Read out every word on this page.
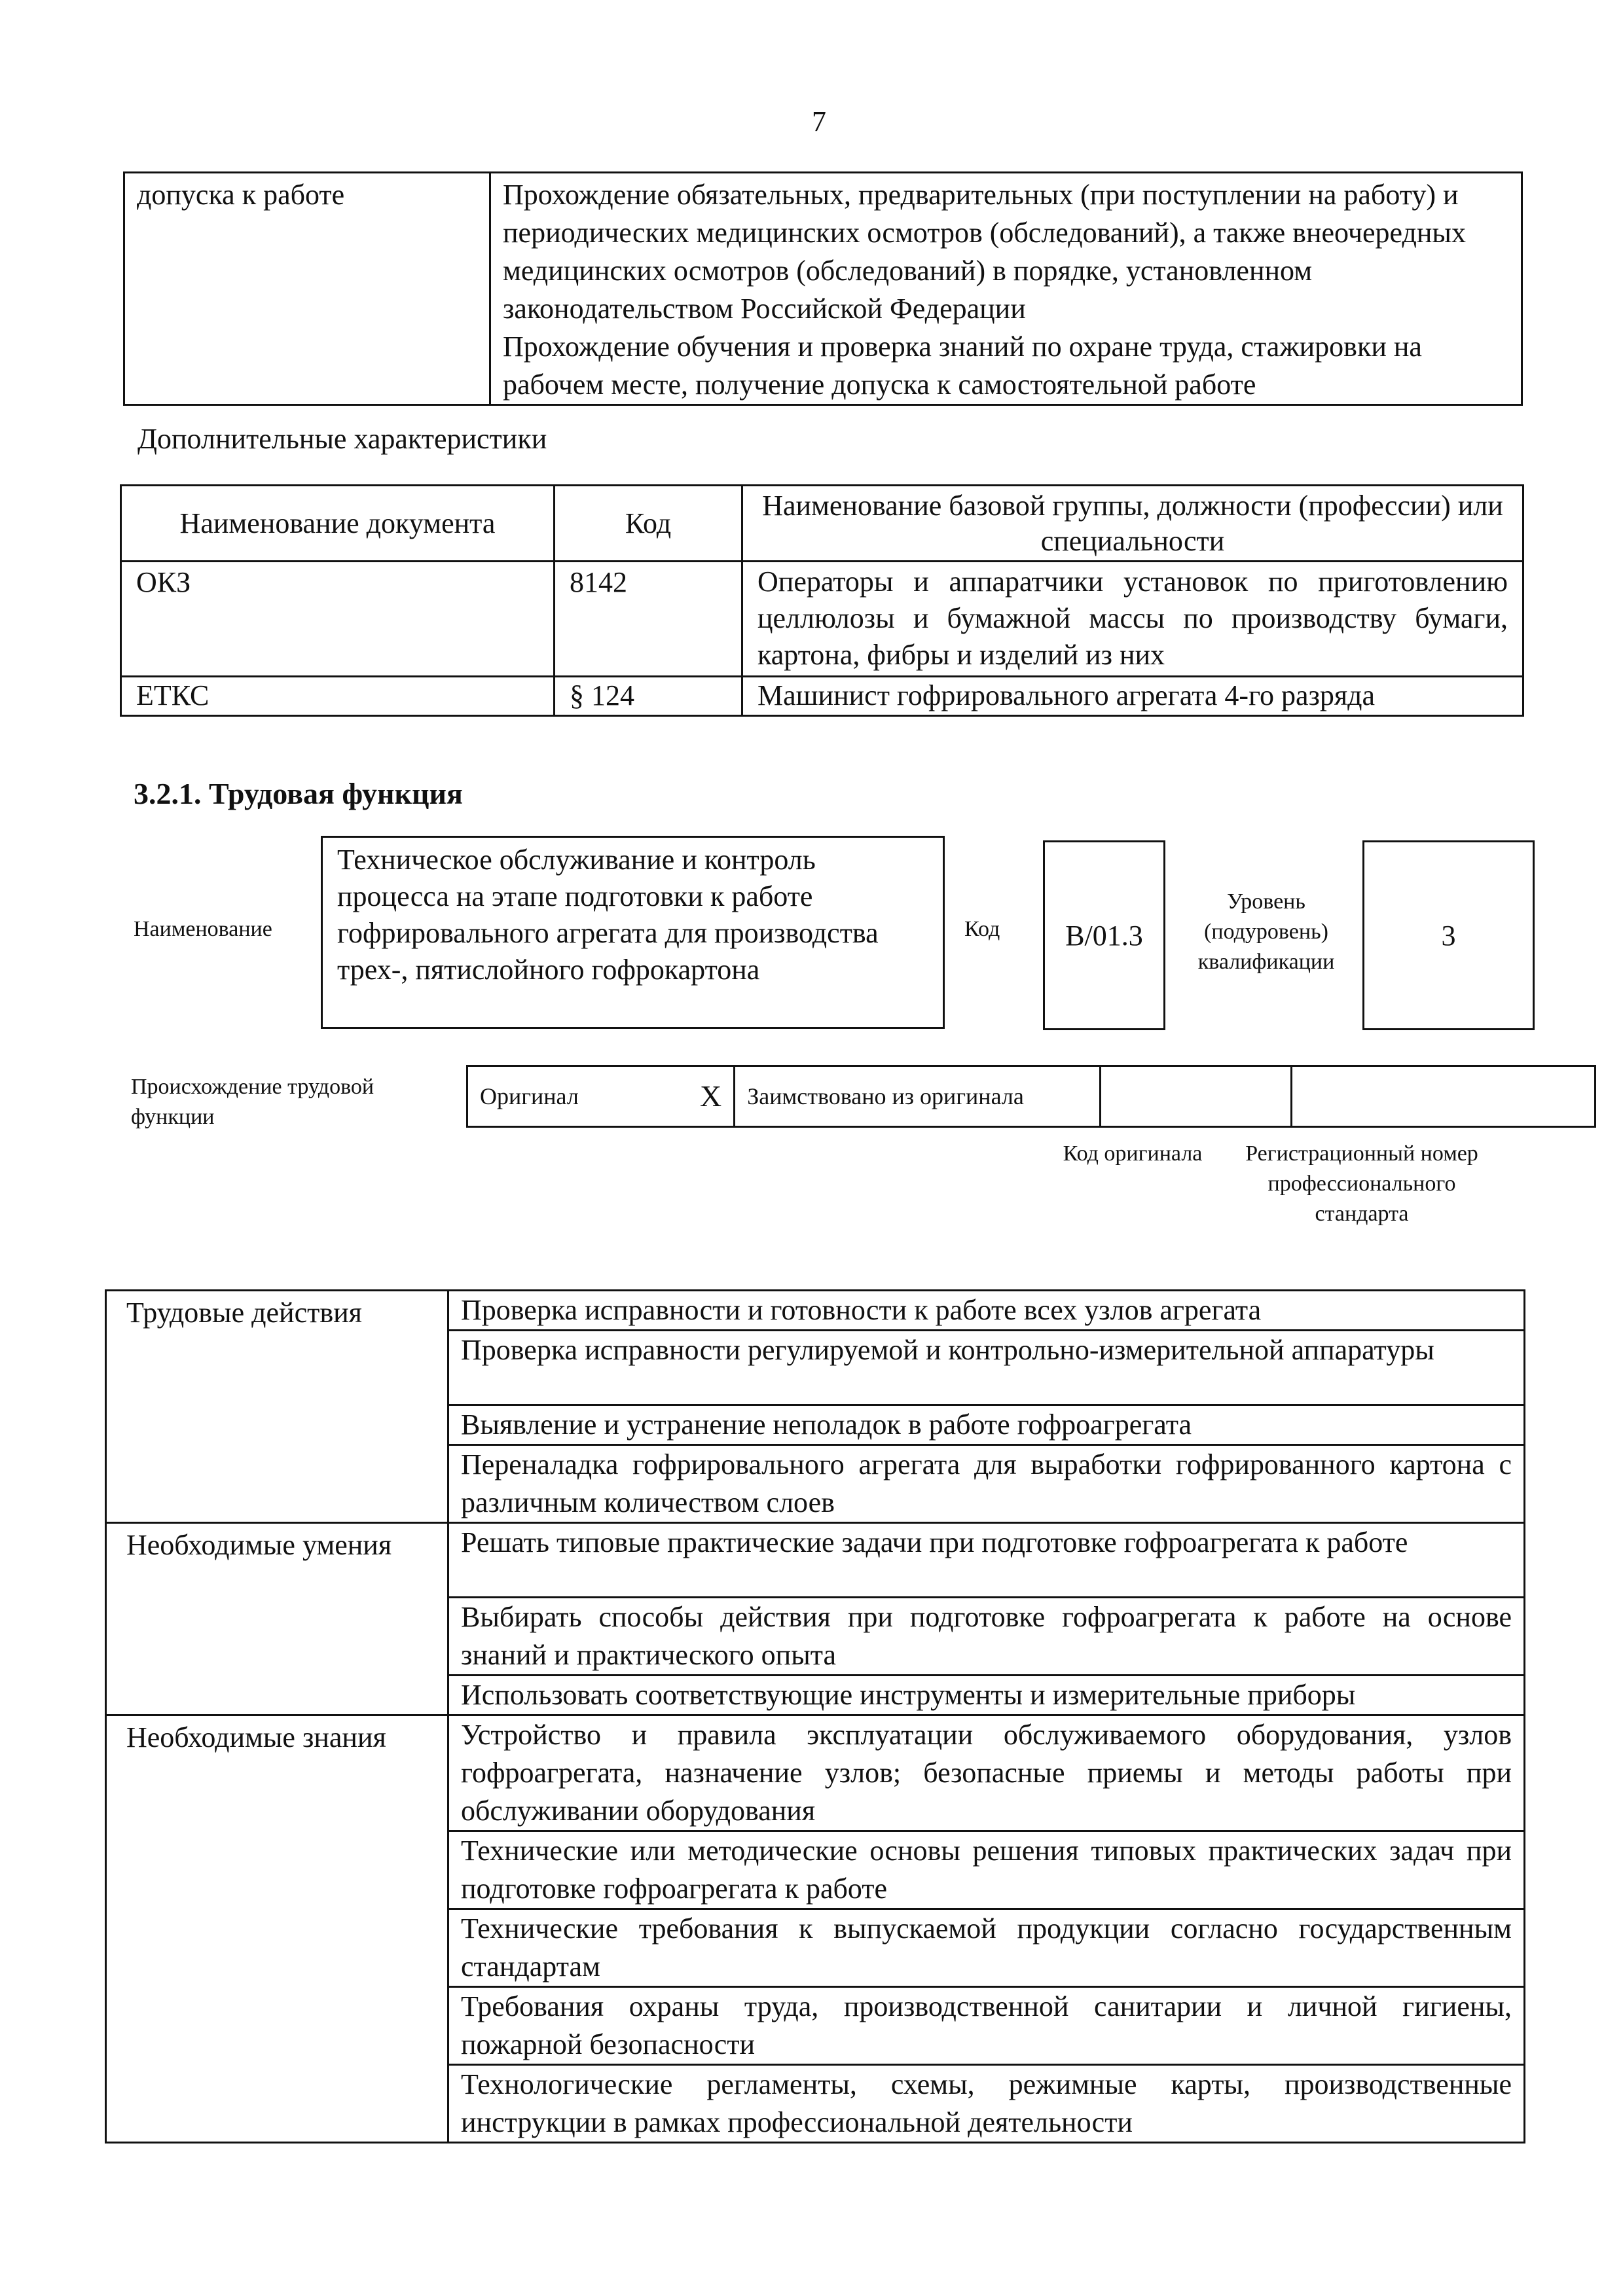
7
допуска к работе	Прохождение обязательных, предварительных (при поступлении на работу) и периодических медицинских осмотров (обследований), а также внеочередных медицинских осмотров (обследований) в порядке, установленном законодательством Российской Федерации
Прохождение обучения и проверка знаний по охране труда, стажировки на рабочем месте, получение допуска к самостоятельной работе
Дополнительные характеристики
Наименование документа	Код	Наименование базовой группы, должности (профессии) или специальности
ОКЗ	8142	Операторы и аппаратчики установок по приготовлению целлюлозы и бумажной массы по производству бумаги, картона, фибры и изделий из них
ЕТКС	§ 124	Машинист гофрировального агрегата 4-го разряда
3.2.1. Трудовая функция
Наименование
Техническое обслуживание и контроль процесса на этапе подготовки к работе гофрировального агрегата для производства трех-, пятислойного гофрокартона
Код	B/01.3
Уровень (подуровень) квалификации
3
Происхождение трудовой функции
Оригинал	X	Заимствовано из оригинала		
Код оригинала	Регистрационный номер профессионального стандарта
Трудовые действия	Проверка исправности и готовности к работе всех узлов агрегата
	Проверка исправности регулируемой и контрольно-измерительной аппаратуры
	Выявление и устранение неполадок в работе гофроагрегата
	Переналадка гофрировального агрегата для выработки гофрированного картона с различным количеством слоев
Необходимые умения	Решать типовые практические задачи при подготовке гофроагрегата к работе
	Выбирать способы действия при подготовке гофроагрегата к работе на основе знаний и практического опыта
	Использовать соответствующие инструменты и измерительные приборы
Необходимые знания	Устройство и правила эксплуатации обслуживаемого оборудования, узлов гофроагрегата, назначение узлов; безопасные приемы и методы работы при обслуживании оборудования
	Технические или методические основы решения типовых практических задач при подготовке гофроагрегата к работе
	Технические требования к выпускаемой продукции согласно государственным стандартам
	Требования охраны труда, производственной санитарии и личной гигиены, пожарной безопасности
	Технологические регламенты, схемы, режимные карты, производственные инструкции в рамках профессиональной деятельности
